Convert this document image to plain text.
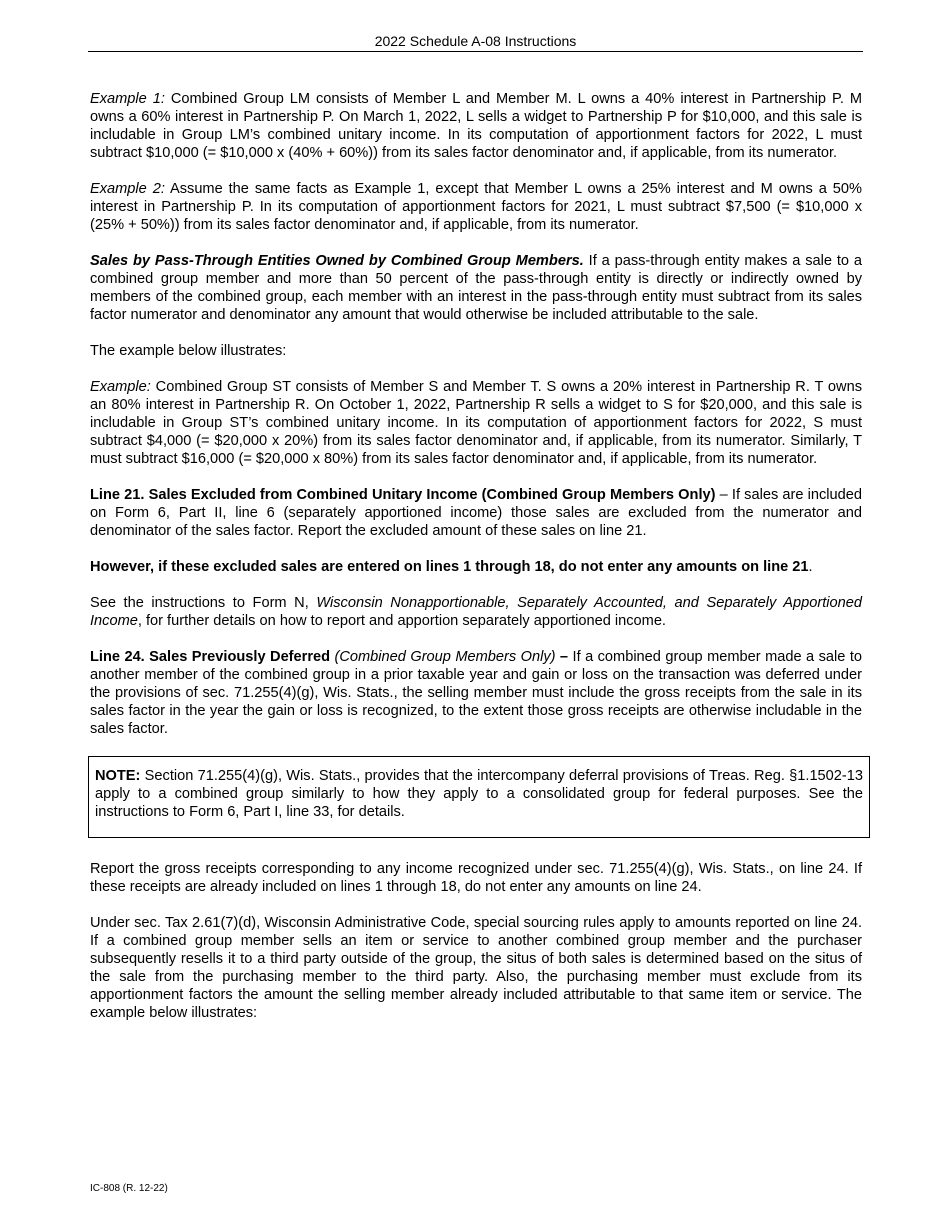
2022 Schedule A-08 Instructions

Example 1: Combined Group LM consists of Member L and Member M. L owns a 40% interest in Partnership P. M owns a 60% interest in Partnership P. On March 1, 2022, L sells a widget to Partnership P for $10,000, and this sale is includable in Group LM’s combined unitary income. In its computation of apportionment factors for 2022, L must subtract $10,000 (= $10,000 x (40% + 60%)) from its sales factor denominator and, if applicable, from its numerator.

Example 2: Assume the same facts as Example 1, except that Member L owns a 25% interest and M owns a 50% interest in Partnership P. In its computation of apportionment factors for 2021, L must subtract $7,500 (= $10,000 x (25% + 50%)) from its sales factor denominator and, if applicable, from its numerator.

Sales by Pass-Through Entities Owned by Combined Group Members. If a pass-through entity makes a sale to a combined group member and more than 50 percent of the pass-through entity is directly or indirectly owned by members of the combined group, each member with an interest in the pass-through entity must subtract from its sales factor numerator and denominator any amount that would otherwise be included attributable to the sale.

The example below illustrates:

Example: Combined Group ST consists of Member S and Member T. S owns a 20% interest in Partnership R. T owns an 80% interest in Partnership R. On October 1, 2022, Partnership R sells a widget to S for $20,000, and this sale is includable in Group ST’s combined unitary income. In its computation of apportionment factors for 2022, S must subtract $4,000 (= $20,000 x 20%) from its sales factor denominator and, if applicable, from its numerator. Similarly, T must subtract $16,000 (= $20,000 x 80%) from its sales factor denominator and, if applicable, from its numerator.

Line 21. Sales Excluded from Combined Unitary Income (Combined Group Members Only) – If sales are included on Form 6, Part II, line 6 (separately apportioned income) those sales are excluded from the numerator and denominator of the sales factor. Report the excluded amount of these sales on line 21.

However, if these excluded sales are entered on lines 1 through 18, do not enter any amounts on line 21.

See the instructions to Form N, Wisconsin Nonapportionable, Separately Accounted, and Separately Apportioned Income, for further details on how to report and apportion separately apportioned income.

Line 24. Sales Previously Deferred (Combined Group Members Only) – If a combined group member made a sale to another member of the combined group in a prior taxable year and gain or loss on the transaction was deferred under the provisions of sec. 71.255(4)(g), Wis. Stats., the selling member must include the gross receipts from the sale in its sales factor in the year the gain or loss is recognized, to the extent those gross receipts are otherwise includable in the sales factor.

NOTE: Section 71.255(4)(g), Wis. Stats., provides that the intercompany deferral provisions of Treas. Reg. §1.1502-13 apply to a combined group similarly to how they apply to a consolidated group for federal purposes. See the instructions to Form 6, Part I, line 33, for details.

Report the gross receipts corresponding to any income recognized under sec. 71.255(4)(g), Wis. Stats., on line 24. If these receipts are already included on lines 1 through 18, do not enter any amounts on line 24.

Under sec. Tax 2.61(7)(d), Wisconsin Administrative Code, special sourcing rules apply to amounts reported on line 24. If a combined group member sells an item or service to another combined group member and the purchaser subsequently resells it to a third party outside of the group, the situs of both sales is determined based on the situs of the sale from the purchasing member to the third party. Also, the purchasing member must exclude from its apportionment factors the amount the selling member already included attributable to that same item or service. The example below illustrates:

IC-808 (R. 12-22)
